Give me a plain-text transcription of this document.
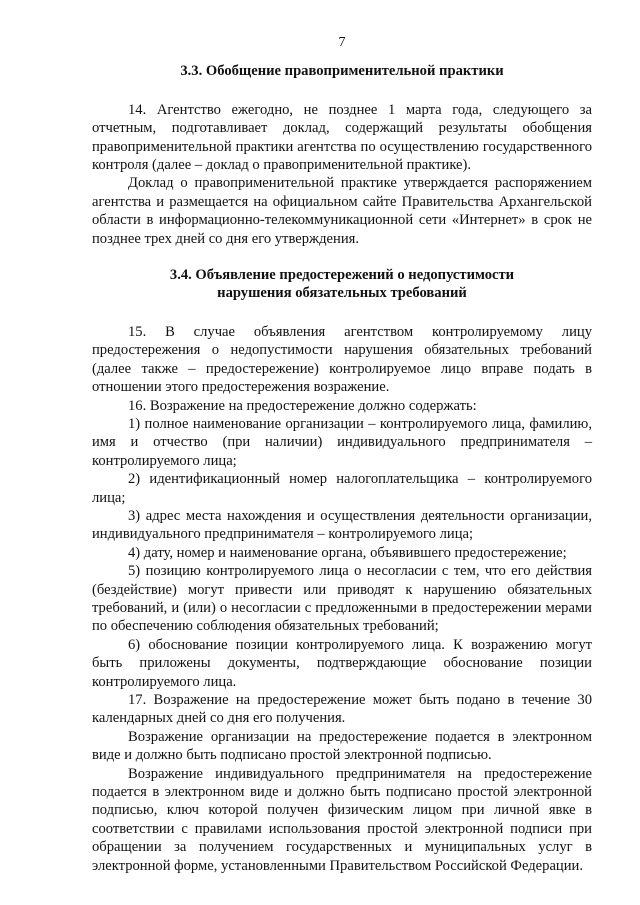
7
3.3. Обобщение правоприменительной практики

14. Агентство ежегодно, не позднее 1 марта года, следующего за отчетным, подготавливает доклад, содержащий результаты обобщения правоприменительной практики агентства по осуществлению государственного контроля (далее – доклад о правоприменительной практике).

Доклад о правоприменительной практике утверждается распоряжением агентства и размещается на официальном сайте Правительства Архангельской области в информационно-телекоммуникационной сети «Интернет» в срок не позднее трех дней со дня его утверждения.

3.4. Объявление предостережений о недопустимости
нарушения обязательных требований

15. В случае объявления агентством контролируемому лицу предостережения о недопустимости нарушения обязательных требований (далее также – предостережение) контролируемое лицо вправе подать в отношении этого предостережения возражение.

16. Возражение на предостережение должно содержать:

1) полное наименование организации – контролируемого лица, фамилию, имя и отчество (при наличии) индивидуального предпринимателя – контролируемого лица;

2) идентификационный номер налогоплательщика – контролируемого лица;

3) адрес места нахождения и осуществления деятельности организации, индивидуального предпринимателя – контролируемого лица;

4) дату, номер и наименование органа, объявившего предостережение;

5) позицию контролируемого лица о несогласии с тем, что его действия (бездействие) могут привести или приводят к нарушению обязательных требований, и (или) о несогласии с предложенными в предостережении мерами по обеспечению соблюдения обязательных требований;

6) обоснование позиции контролируемого лица. К возражению могут быть приложены документы, подтверждающие обоснование позиции контролируемого лица.

17. Возражение на предостережение может быть подано в течение 30 календарных дней со дня его получения.

Возражение организации на предостережение подается в электронном виде и должно быть подписано простой электронной подписью.

Возражение индивидуального предпринимателя на предостережение подается в электронном виде и должно быть подписано простой электронной подписью, ключ которой получен физическим лицом при личной явке в соответствии с правилами использования простой электронной подписи при обращении за получением государственных и муниципальных услуг в электронной форме, установленными Правительством Российской Федерации.
